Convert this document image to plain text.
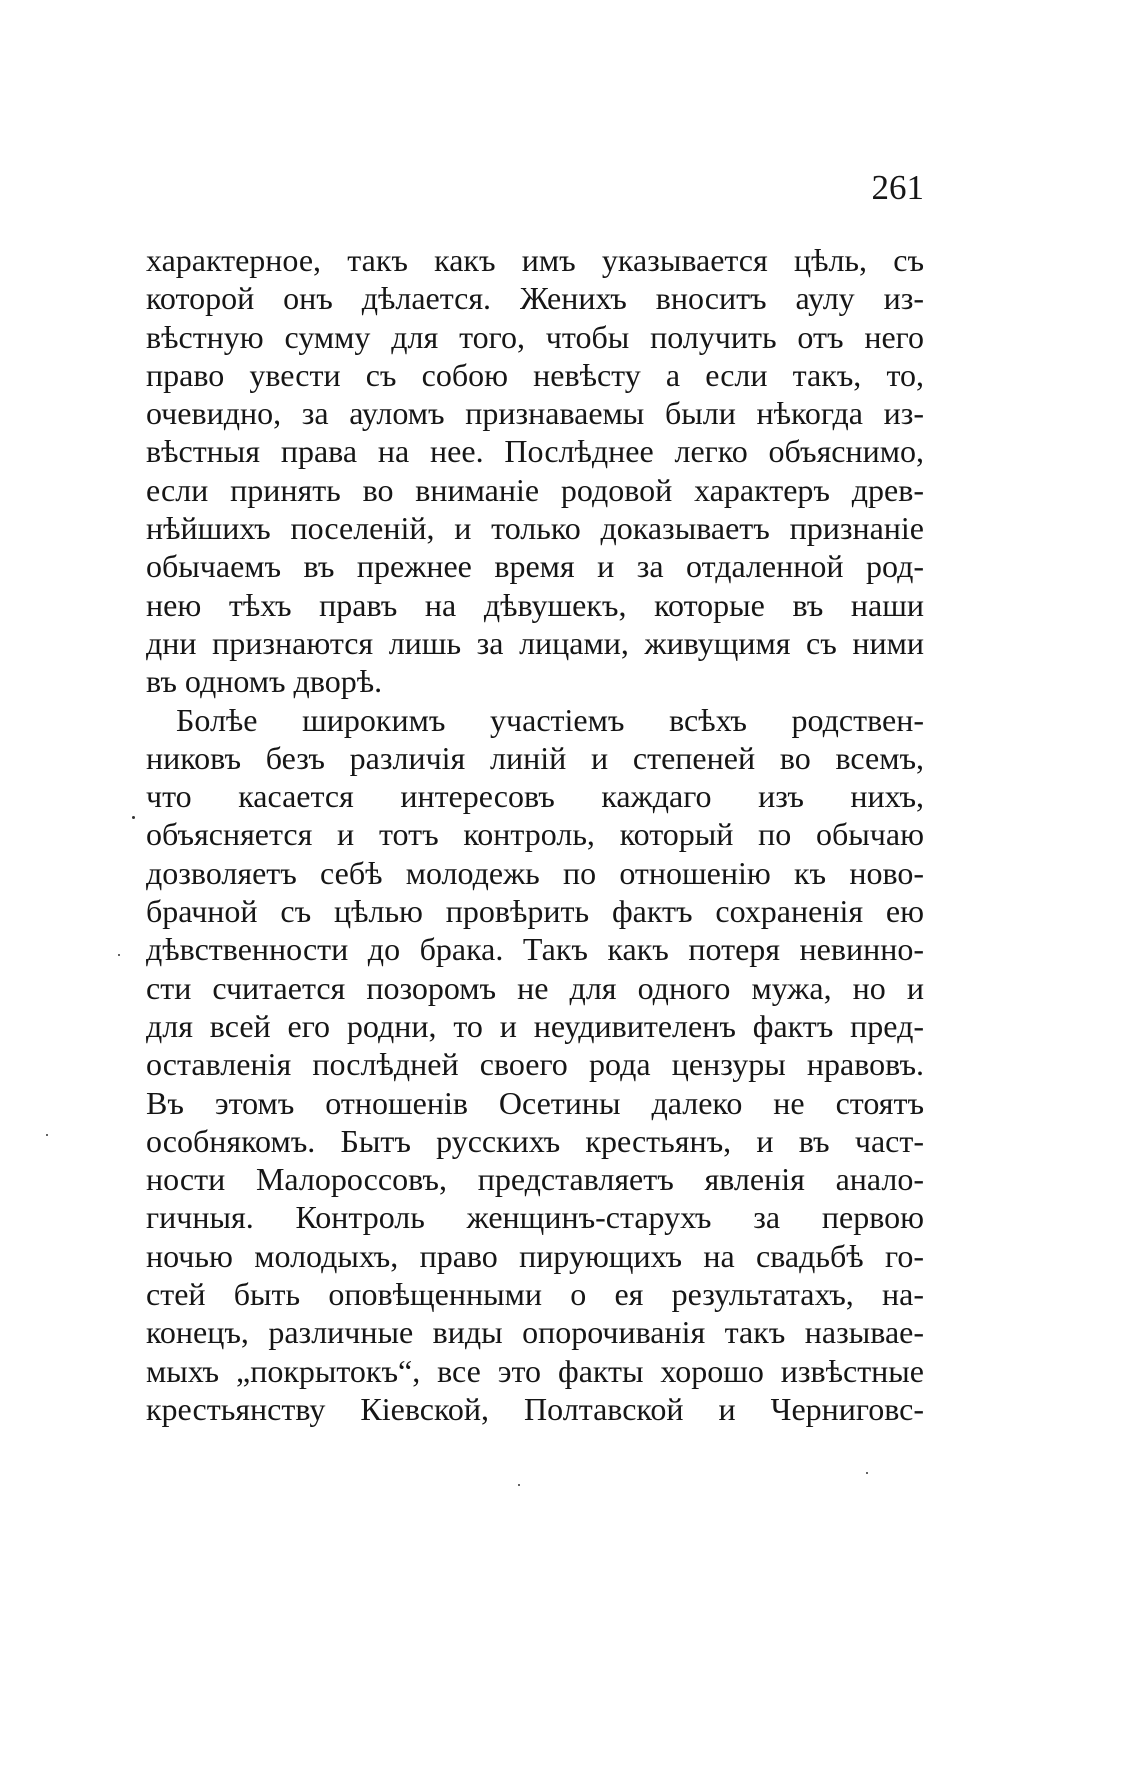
261
характерное, такъ какъ имъ указывается цѣль, съ
которой онъ дѣлается. Женихъ вноситъ аулу из-
вѣстную сумму для того, чтобы получить отъ него
право увести съ собою невѣсту а если такъ, то,
очевидно, за ауломъ признаваемы были нѣкогда из-
вѣстныя права на нее. Послѣднее легко объяснимо,
если принять во вниманіе родовой характеръ древ-
нѣйшихъ поселеній, и только доказываетъ признаніе
обычаемъ въ прежнее время и за отдаленной род-
нею тѣхъ правъ на дѣвушекъ, которые въ наши
дни признаются лишь за лицами, живущимя съ ними
въ одномъ дворѣ.
Болѣе широкимъ участіемъ всѣхъ родствен-
никовъ безъ различія линій и степеней во всемъ,
что касается интересовъ каждаго изъ нихъ,
объясняется и тотъ контроль, который по обычаю
дозволяетъ себѣ молодежь по отношенію къ ново-
брачной съ цѣлью провѣрить фактъ сохраненія ею
дѣвственности до брака. Такъ какъ потеря невинно-
сти считается позоромъ не для одного мужа, но и
для всей его родни, то и неудивителенъ фактъ пред-
оставленія послѣдней своего рода цензуры нравовъ.
Въ этомъ отношенів Осетины далеко не стоятъ
особнякомъ. Бытъ русскихъ крестьянъ, и въ част-
ности Малороссовъ, представляетъ явленія анало-
гичныя. Контроль женщинъ-старухъ за первою
ночью молодыхъ, право пирующихъ на свадьбѣ го-
стей быть оповѣщенными о ея результатахъ, на-
конецъ, различные виды опорочиванія такъ называе-
мыхъ „покрытокъ“, все это факты хорошо извѣстные
крестьянству Кіевской, Полтавской и Черниговс-
